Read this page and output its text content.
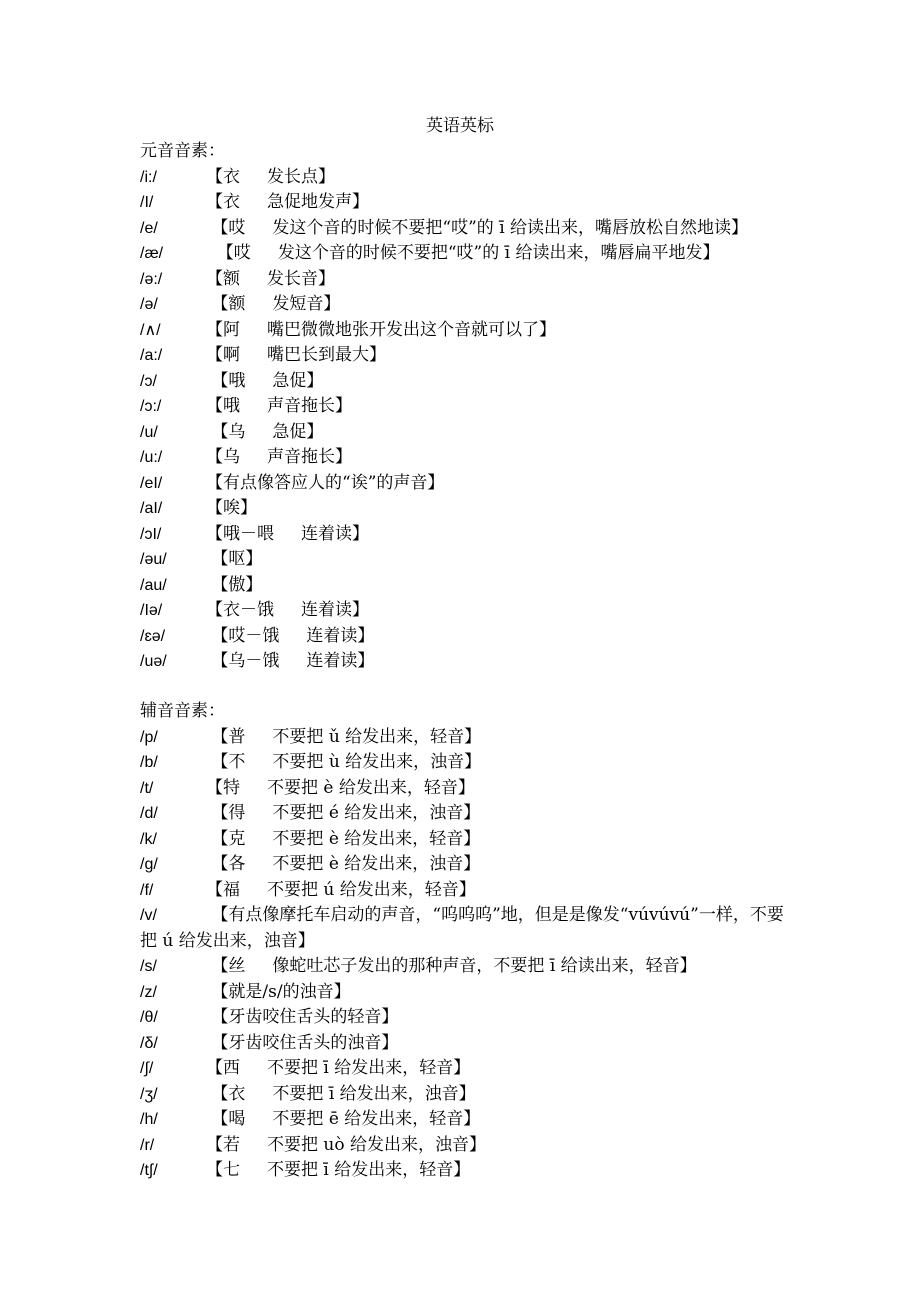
英语英标
元音音素：
/i:/	【衣     发长点】
/I/	【衣     急促地发声】
/e/	【哎     发这个音的时候不要把“哎”的 ī 给读出来，嘴唇放松自然地读】
/æ/	【哎     发这个音的时候不要把“哎”的 ī 给读出来，嘴唇扁平地发】
/ə:/	【额     发长音】
/ə/	【额     发短音】
/∧/	【阿     嘴巴微微地张开发出这个音就可以了】
/a:/	【啊     嘴巴长到最大】
/ɔ/	【哦     急促】
/ɔ:/	【哦     声音拖长】
/u/	【乌     急促】
/u:/	【乌     声音拖长】
/eI/	【有点像答应人的“诶”的声音】
/aI/	【唉】
/ɔI/	【哦－喂     连着读】
/əu/	【呕】
/au/	【傲】
/Iə/	【衣－饿     连着读】
/ɛə/	【哎－饿     连着读】
/uə/	【乌－饿     连着读】
辅音音素：
/p/	【普     不要把 ǔ 给发出来，轻音】
/b/	【不     不要把 ù 给发出来，浊音】
/t/	【特     不要把 è 给发出来，轻音】
/d/	【得     不要把 é 给发出来，浊音】
/k/	【克     不要把 è 给发出来，轻音】
/g/	【各     不要把 è 给发出来，浊音】
/f/	【福     不要把 ú 给发出来，轻音】
/v/	【有点像摩托车启动的声音，“呜呜呜”地，但是是像发“vúvúvú”一样，不要把 ú 给发出来，浊音】
/s/	【丝     像蛇吐芯子发出的那种声音，不要把 ī 给读出来，轻音】
/z/	【就是/s/的浊音】
/θ/	【牙齿咬住舌头的轻音】
/δ/	【牙齿咬住舌头的浊音】
/∫/	【西     不要把 ī 给发出来，轻音】
/ʒ/	【衣     不要把 ī 给发出来，浊音】
/h/	【喝     不要把 ē 给发出来，轻音】
/r/	【若     不要把 uò 给发出来，浊音】
/t∫/	【七     不要把 ī 给发出来，轻音】
